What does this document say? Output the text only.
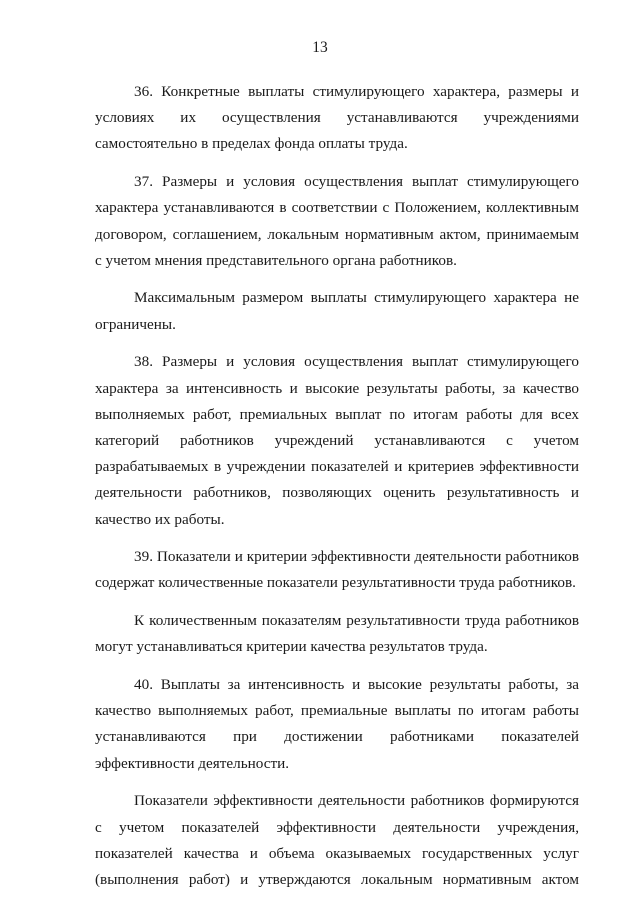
13

36. Конкретные выплаты стимулирующего характера, размеры и условиях их осуществления устанавливаются учреждениями самостоятельно в пределах фонда оплаты труда.

37. Размеры и условия осуществления выплат стимулирующего характера устанавливаются в соответствии с Положением, коллективным договором, соглашением, локальным нормативным актом, принимаемым с учетом мнения представительного органа работников.

Максимальным размером выплаты стимулирующего характера не ограничены.

38. Размеры и условия осуществления выплат стимулирующего характера за интенсивность и высокие результаты работы, за качество выполняемых работ, премиальных выплат по итогам работы для всех категорий работников учреждений устанавливаются с учетом разрабатываемых в учреждении показателей и критериев эффективности деятельности работников, позволяющих оценить результативность и качество их работы.

39. Показатели и критерии эффективности деятельности работников содержат количественные показатели результативности труда работников.

К количественным показателям результативности труда работников могут устанавливаться критерии качества результатов труда.

40. Выплаты за интенсивность и высокие результаты работы, за качество выполняемых работ, премиальные выплаты по итогам работы устанавливаются при достижении работниками показателей эффективности деятельности.

Показатели эффективности деятельности работников формируются с учетом показателей эффективности деятельности учреждения, показателей качества и объема оказываемых государственных услуг (выполнения работ) и утверждаются локальным нормативным актом
